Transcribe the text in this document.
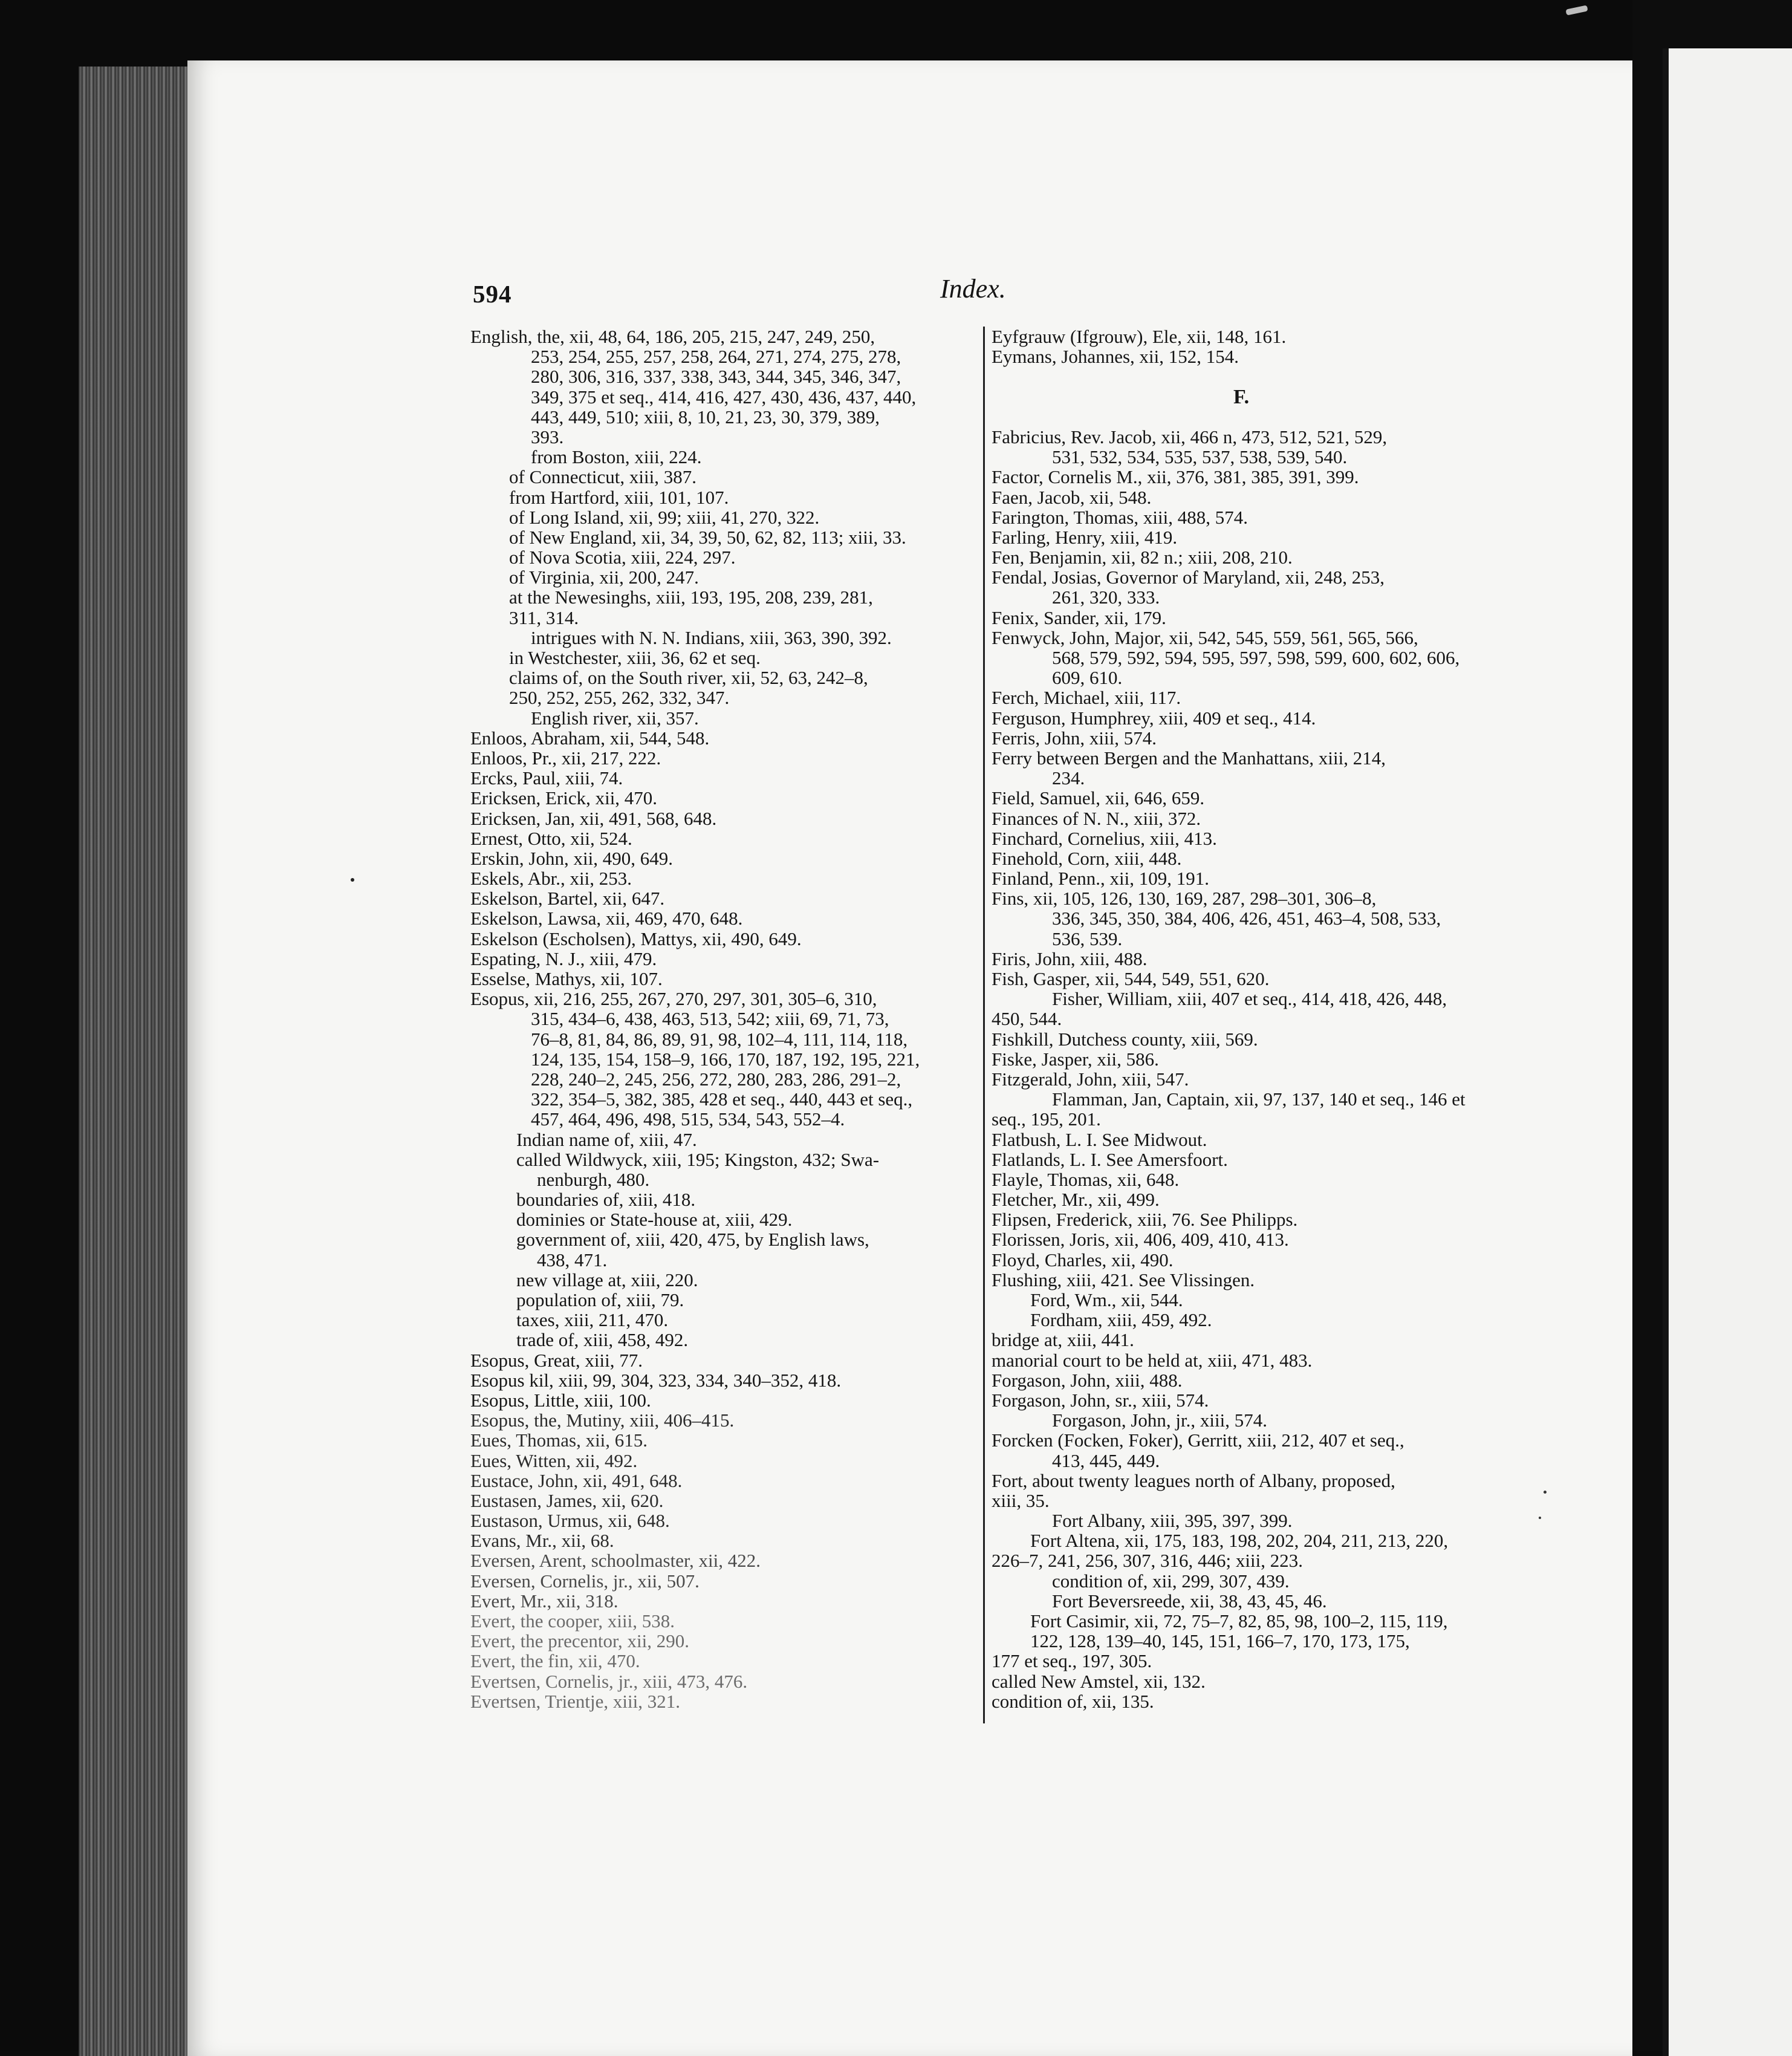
594	Index.
English, the, xii, 48, 64, 186, 205, 215, 247, 249, 250,
253, 254, 255, 257, 258, 264, 271, 274, 275, 278,
280, 306, 316, 337, 338, 343, 344, 345, 346, 347,
349, 375 et seq., 414, 416, 427, 430, 436, 437, 440,
443, 449, 510; xiii, 8, 10, 21, 23, 30, 379, 389,
393.
from Boston, xiii, 224.
of Connecticut, xiii, 387.
from Hartford, xiii, 101, 107.
of Long Island, xii, 99; xiii, 41, 270, 322.
of New England, xii, 34, 39, 50, 62, 82, 113; xiii, 33.
of Nova Scotia, xiii, 224, 297.
of Virginia, xii, 200, 247.
at the Newesinghs, xiii, 193, 195, 208, 239, 281,
311, 314.
intrigues with N. N. Indians, xiii, 363, 390, 392.
in Westchester, xiii, 36, 62 et seq.
claims of, on the South river, xii, 52, 63, 242–8,
250, 252, 255, 262, 332, 347.
English river, xii, 357.
Enloos, Abraham, xii, 544, 548.
Enloos, Pr., xii, 217, 222.
Ercks, Paul, xiii, 74.
Ericksen, Erick, xii, 470.
Ericksen, Jan, xii, 491, 568, 648.
Ernest, Otto, xii, 524.
Erskin, John, xii, 490, 649.
Eskels, Abr., xii, 253.
Eskelson, Bartel, xii, 647.
Eskelson, Lawsa, xii, 469, 470, 648.
Eskelson (Escholsen), Mattys, xii, 490, 649.
Espating, N. J., xiii, 479.
Esselse, Mathys, xii, 107.
Esopus, xii, 216, 255, 267, 270, 297, 301, 305–6, 310,
315, 434–6, 438, 463, 513, 542; xiii, 69, 71, 73,
76–8, 81, 84, 86, 89, 91, 98, 102–4, 111, 114, 118,
124, 135, 154, 158–9, 166, 170, 187, 192, 195, 221,
228, 240–2, 245, 256, 272, 280, 283, 286, 291–2,
322, 354–5, 382, 385, 428 et seq., 440, 443 et seq.,
457, 464, 496, 498, 515, 534, 543, 552–4.
Indian name of, xiii, 47.
called Wildwyck, xiii, 195; Kingston, 432; Swa-
nenburgh, 480.
boundaries of, xiii, 418.
dominies or State-house at, xiii, 429.
government of, xiii, 420, 475, by English laws,
438, 471.
new village at, xiii, 220.
population of, xiii, 79.
taxes, xiii, 211, 470.
trade of, xiii, 458, 492.
Esopus, Great, xiii, 77.
Esopus kil, xiii, 99, 304, 323, 334, 340–352, 418.
Esopus, Little, xiii, 100.
Esopus, the, Mutiny, xiii, 406–415.
Eues, Thomas, xii, 615.
Eues, Witten, xii, 492.
Eustace, John, xii, 491, 648.
Eustasen, James, xii, 620.
Eustason, Urmus, xii, 648.
Evans, Mr., xii, 68.
Eversen, Arent, schoolmaster, xii, 422.
Eversen, Cornelis, jr., xii, 507.
Evert, Mr., xii, 318.
Evert, the cooper, xiii, 538.
Evert, the precentor, xii, 290.
Evert, the fin, xii, 470.
Evertsen, Cornelis, jr., xiii, 473, 476.
Evertsen, Trientje, xiii, 321.
Eyfgrauw (Ifgrouw), Ele, xii, 148, 161.
Eymans, Johannes, xii, 152, 154.
F.
Fabricius, Rev. Jacob, xii, 466 n, 473, 512, 521, 529,
531, 532, 534, 535, 537, 538, 539, 540.
Factor, Cornelis M., xii, 376, 381, 385, 391, 399.
Faen, Jacob, xii, 548.
Farington, Thomas, xiii, 488, 574.
Farling, Henry, xiii, 419.
Fen, Benjamin, xii, 82 n.; xiii, 208, 210.
Fendal, Josias, Governor of Maryland, xii, 248, 253,
261, 320, 333.
Fenix, Sander, xii, 179.
Fenwyck, John, Major, xii, 542, 545, 559, 561, 565, 566,
568, 579, 592, 594, 595, 597, 598, 599, 600, 602, 606,
609, 610.
Ferch, Michael, xiii, 117.
Ferguson, Humphrey, xiii, 409 et seq., 414.
Ferris, John, xiii, 574.
Ferry between Bergen and the Manhattans, xiii, 214,
234.
Field, Samuel, xii, 646, 659.
Finances of N. N., xiii, 372.
Finchard, Cornelius, xiii, 413.
Finehold, Corn, xiii, 448.
Finland, Penn., xii, 109, 191.
Fins, xii, 105, 126, 130, 169, 287, 298–301, 306–8,
336, 345, 350, 384, 406, 426, 451, 463–4, 508, 533,
536, 539.
Firis, John, xiii, 488.
Fish, Gasper, xii, 544, 549, 551, 620.
Fisher, William, xiii, 407 et seq., 414, 418, 426, 448,
450, 544.
Fishkill, Dutchess county, xiii, 569.
Fiske, Jasper, xii, 586.
Fitzgerald, John, xiii, 547.
Flamman, Jan, Captain, xii, 97, 137, 140 et seq., 146 et
seq., 195, 201.
Flatbush, L. I. See Midwout.
Flatlands, L. I. See Amersfoort.
Flayle, Thomas, xii, 648.
Fletcher, Mr., xii, 499.
Flipsen, Frederick, xiii, 76. See Philipps.
Florissen, Joris, xii, 406, 409, 410, 413.
Floyd, Charles, xii, 490.
Flushing, xiii, 421. See Vlissingen.
Ford, Wm., xii, 544.
Fordham, xiii, 459, 492.
bridge at, xiii, 441.
manorial court to be held at, xiii, 471, 483.
Forgason, John, xiii, 488.
Forgason, John, sr., xiii, 574.
Forgason, John, jr., xiii, 574.
Forcken (Focken, Foker), Gerritt, xiii, 212, 407 et seq.,
413, 445, 449.
Fort, about twenty leagues north of Albany, proposed,
xiii, 35.
Fort Albany, xiii, 395, 397, 399.
Fort Altena, xii, 175, 183, 198, 202, 204, 211, 213, 220,
226–7, 241, 256, 307, 316, 446; xiii, 223.
condition of, xii, 299, 307, 439.
Fort Beversreede, xii, 38, 43, 45, 46.
Fort Casimir, xii, 72, 75–7, 82, 85, 98, 100–2, 115, 119,
122, 128, 139–40, 145, 151, 166–7, 170, 173, 175,
177 et seq., 197, 305.
called New Amstel, xii, 132.
condition of, xii, 135.
